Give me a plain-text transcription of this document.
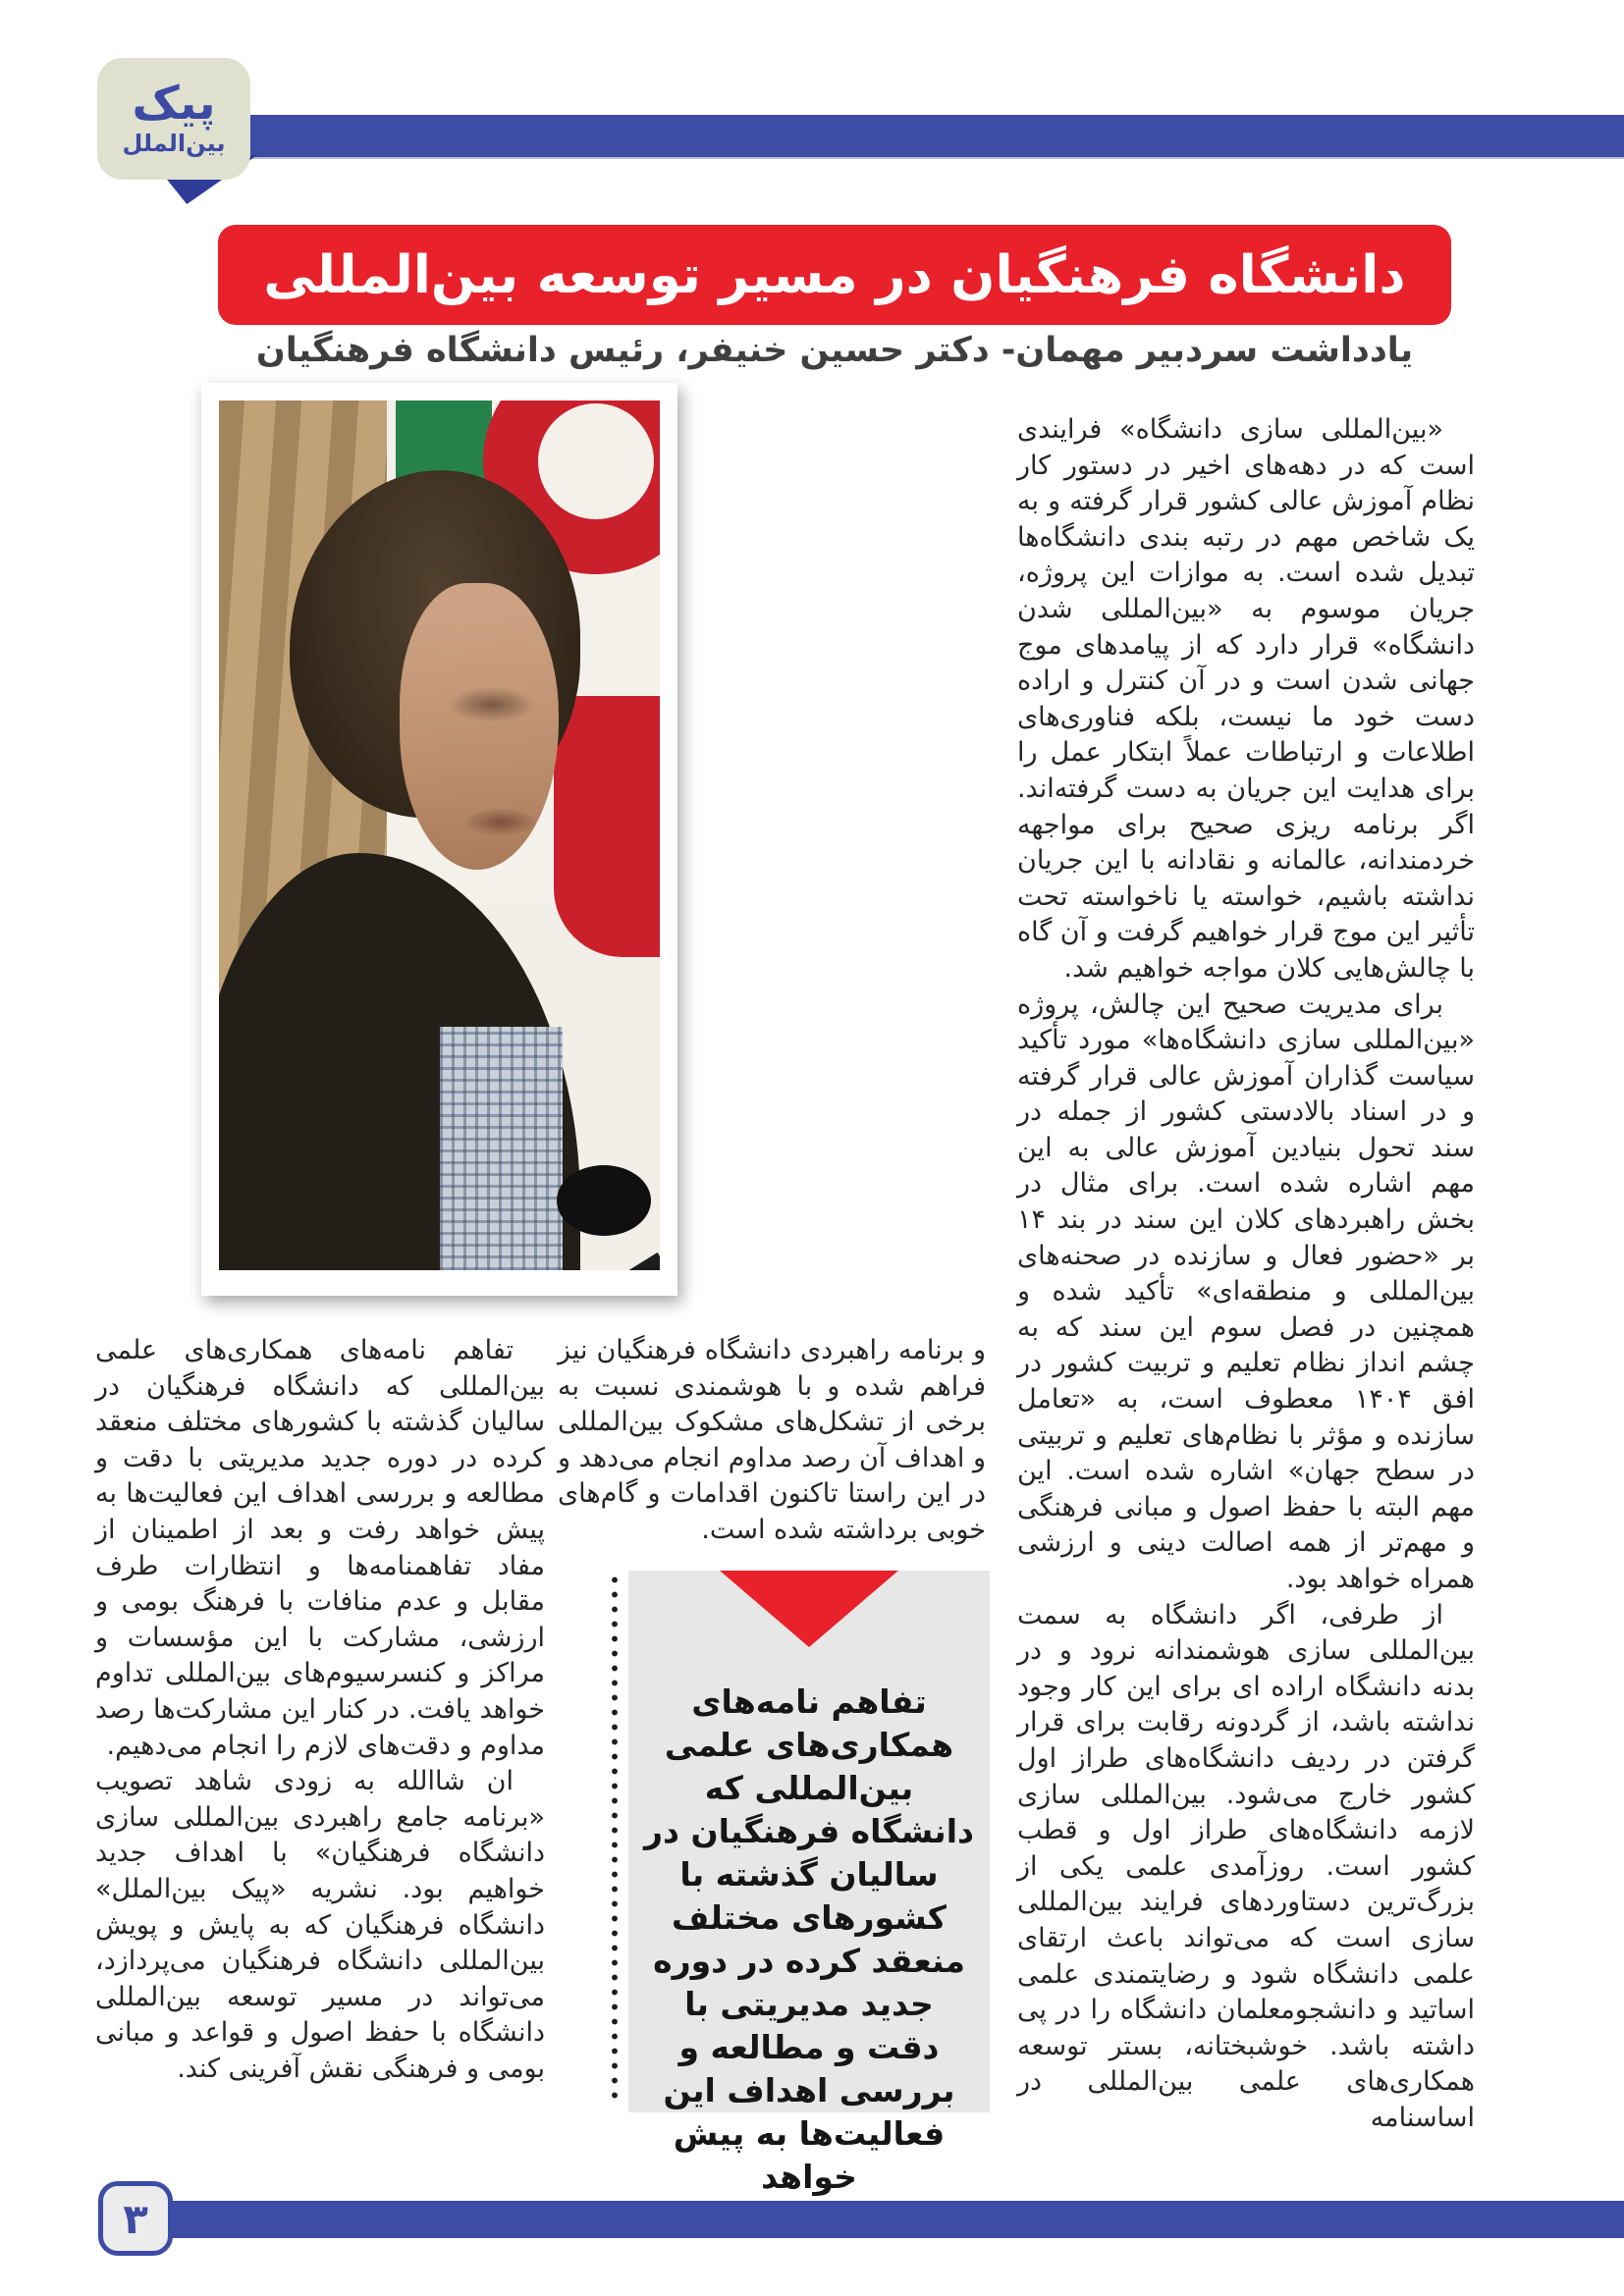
پیک
بین‌الملل
دانشگاه فرهنگیان در مسیر توسعه بین‌المللی
یادداشت سردبیر مهمان- دکتر حسین خنیفر، رئیس دانشگاه فرهنگیان

«بین‌المللی سازی دانشگاه» فرایندی است که در دهه‌های اخیر در دستور کار نظام آموزش عالی کشور قرار گرفته و به یک شاخص مهم در رتبه بندی دانشگاه‌ها تبدیل شده است. به موازات این پروژه، جریان موسوم به «بین‌المللی شدن دانشگاه» قرار دارد که از پیامدهای موج جهانی شدن است و در آن کنترل و اراده دست خود ما نیست، بلکه فناوری‌های اطلاعات و ارتباطات عملاً ابتکار عمل را برای هدایت این جریان به دست گرفته‌اند. اگر برنامه ریزی صحیح برای مواجهه خردمندانه، عالمانه و نقادانه با این جریان نداشته باشیم، خواسته یا ناخواسته تحت تأثیر این موج قرار خواهیم گرفت و آن گاه با چالش‌هایی کلان مواجه خواهیم شد.

برای مدیریت صحیح این چالش، پروژه «بین‌المللی سازی دانشگاه‌ها» مورد تأکید سیاست گذاران آموزش عالی قرار گرفته و در اسناد بالادستی کشور از جمله در سند تحول بنیادین آموزش عالی به این مهم اشاره شده است. برای مثال در بخش راهبردهای کلان این سند در بند ۱۴ بر «حضور فعال و سازنده در صحنه‌های بین‌المللی و منطقه‌ای» تأکید شده و همچنین در فصل سوم این سند که به چشم انداز نظام تعلیم و تربیت کشور در افق ۱۴۰۴ معطوف است، به «تعامل سازنده و مؤثر با نظام‌های تعلیم و تربیتی در سطح جهان» اشاره شده است. این مهم البته با حفظ اصول و مبانی فرهنگی و مهم‌تر از همه اصالت دینی و ارزشی همراه خواهد بود.

از طرفی، اگر دانشگاه به سمت بین‌المللی سازی هوشمندانه نرود و در بدنه دانشگاه اراده ای برای این کار وجود نداشته باشد، از گردونه رقابت برای قرار گرفتن در ردیف دانشگاه‌های طراز اول کشور خارج می‌شود. بین‌المللی سازی لازمه دانشگاه‌های طراز اول و قطب کشور است. روزآمدی علمی یکی از بزرگ‌ترین دستاوردهای فرایند بین‌المللی سازی است که می‌تواند باعث ارتقای علمی دانشگاه شود و رضایتمندی علمی اساتید و دانشجومعلمان دانشگاه را در پی داشته باشد. خوشبختانه، بستر توسعه همکاری‌های علمی بین‌المللی در اساسنامه

و برنامه راهبردی دانشگاه فرهنگیان نیز فراهم شده و با هوشمندی نسبت به برخی از تشکل‌های مشکوک بین‌المللی و اهداف آن رصد مداوم انجام می‌دهد و در این راستا تاکنون اقدامات و گام‌های خوبی برداشته شده است.

تفاهم نامه‌های همکاری‌های علمی بین‌المللی که دانشگاه فرهنگیان در سالیان گذشته با کشورهای مختلف منعقد کرده در دوره جدید مدیریتی با دقت و مطالعه و بررسی اهداف این فعالیت‌ها به پیش خواهد

تفاهم نامه‌های همکاری‌های علمی بین‌المللی که دانشگاه فرهنگیان در سالیان گذشته با کشورهای مختلف منعقد کرده در دوره جدید مدیریتی با دقت و مطالعه و بررسی اهداف این فعالیت‌ها به پیش خواهد رفت و بعد از اطمینان از مفاد تفاهمنامه‌ها و انتظارات طرف مقابل و عدم منافات با فرهنگ بومی و ارزشی، مشارکت با این مؤسسات و مراکز و کنسرسیوم‌های بین‌المللی تداوم خواهد یافت. در کنار این مشارکت‌ها رصد مداوم و دقت‌های لازم را انجام می‌دهیم.

ان شاالله به زودی شاهد تصویب «برنامه جامع راهبردی بین‌المللی سازی دانشگاه فرهنگیان» با اهداف جدید خواهیم بود. نشریه «پیک بین‌الملل» دانشگاه فرهنگیان که به پایش و پویش بین‌المللی دانشگاه فرهنگیان می‌پردازد، می‌تواند در مسیر توسعه بین‌المللی دانشگاه با حفظ اصول و قواعد و مبانی بومی و فرهنگی نقش آفرینی کند.

۳
